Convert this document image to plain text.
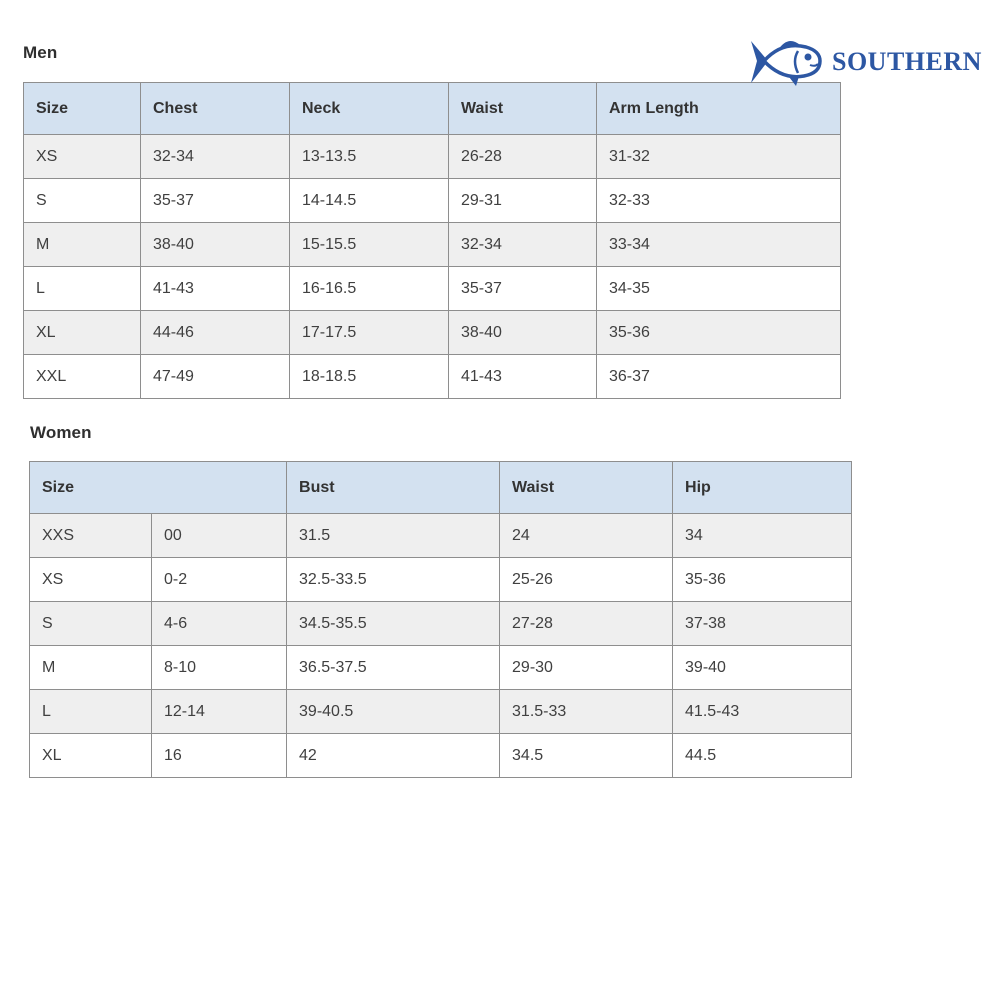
Men
Size	Chest	Neck	Waist	Arm Length
XS	32-34	13-13.5	26-28	31-32
S	35-37	14-14.5	29-31	32-33
M	38-40	15-15.5	32-34	33-34
L	41-43	16-16.5	35-37	34-35
XL	44-46	17-17.5	38-40	35-36
XXL	47-49	18-18.5	41-43	36-37
Women
Size		Bust	Waist	Hip
XXS	00	31.5	24	34
XS	0-2	32.5-33.5	25-26	35-36
S	4-6	34.5-35.5	27-28	37-38
M	8-10	36.5-37.5	29-30	39-40
L	12-14	39-40.5	31.5-33	41.5-43
XL	16	42	34.5	44.5
SOUTHERN
